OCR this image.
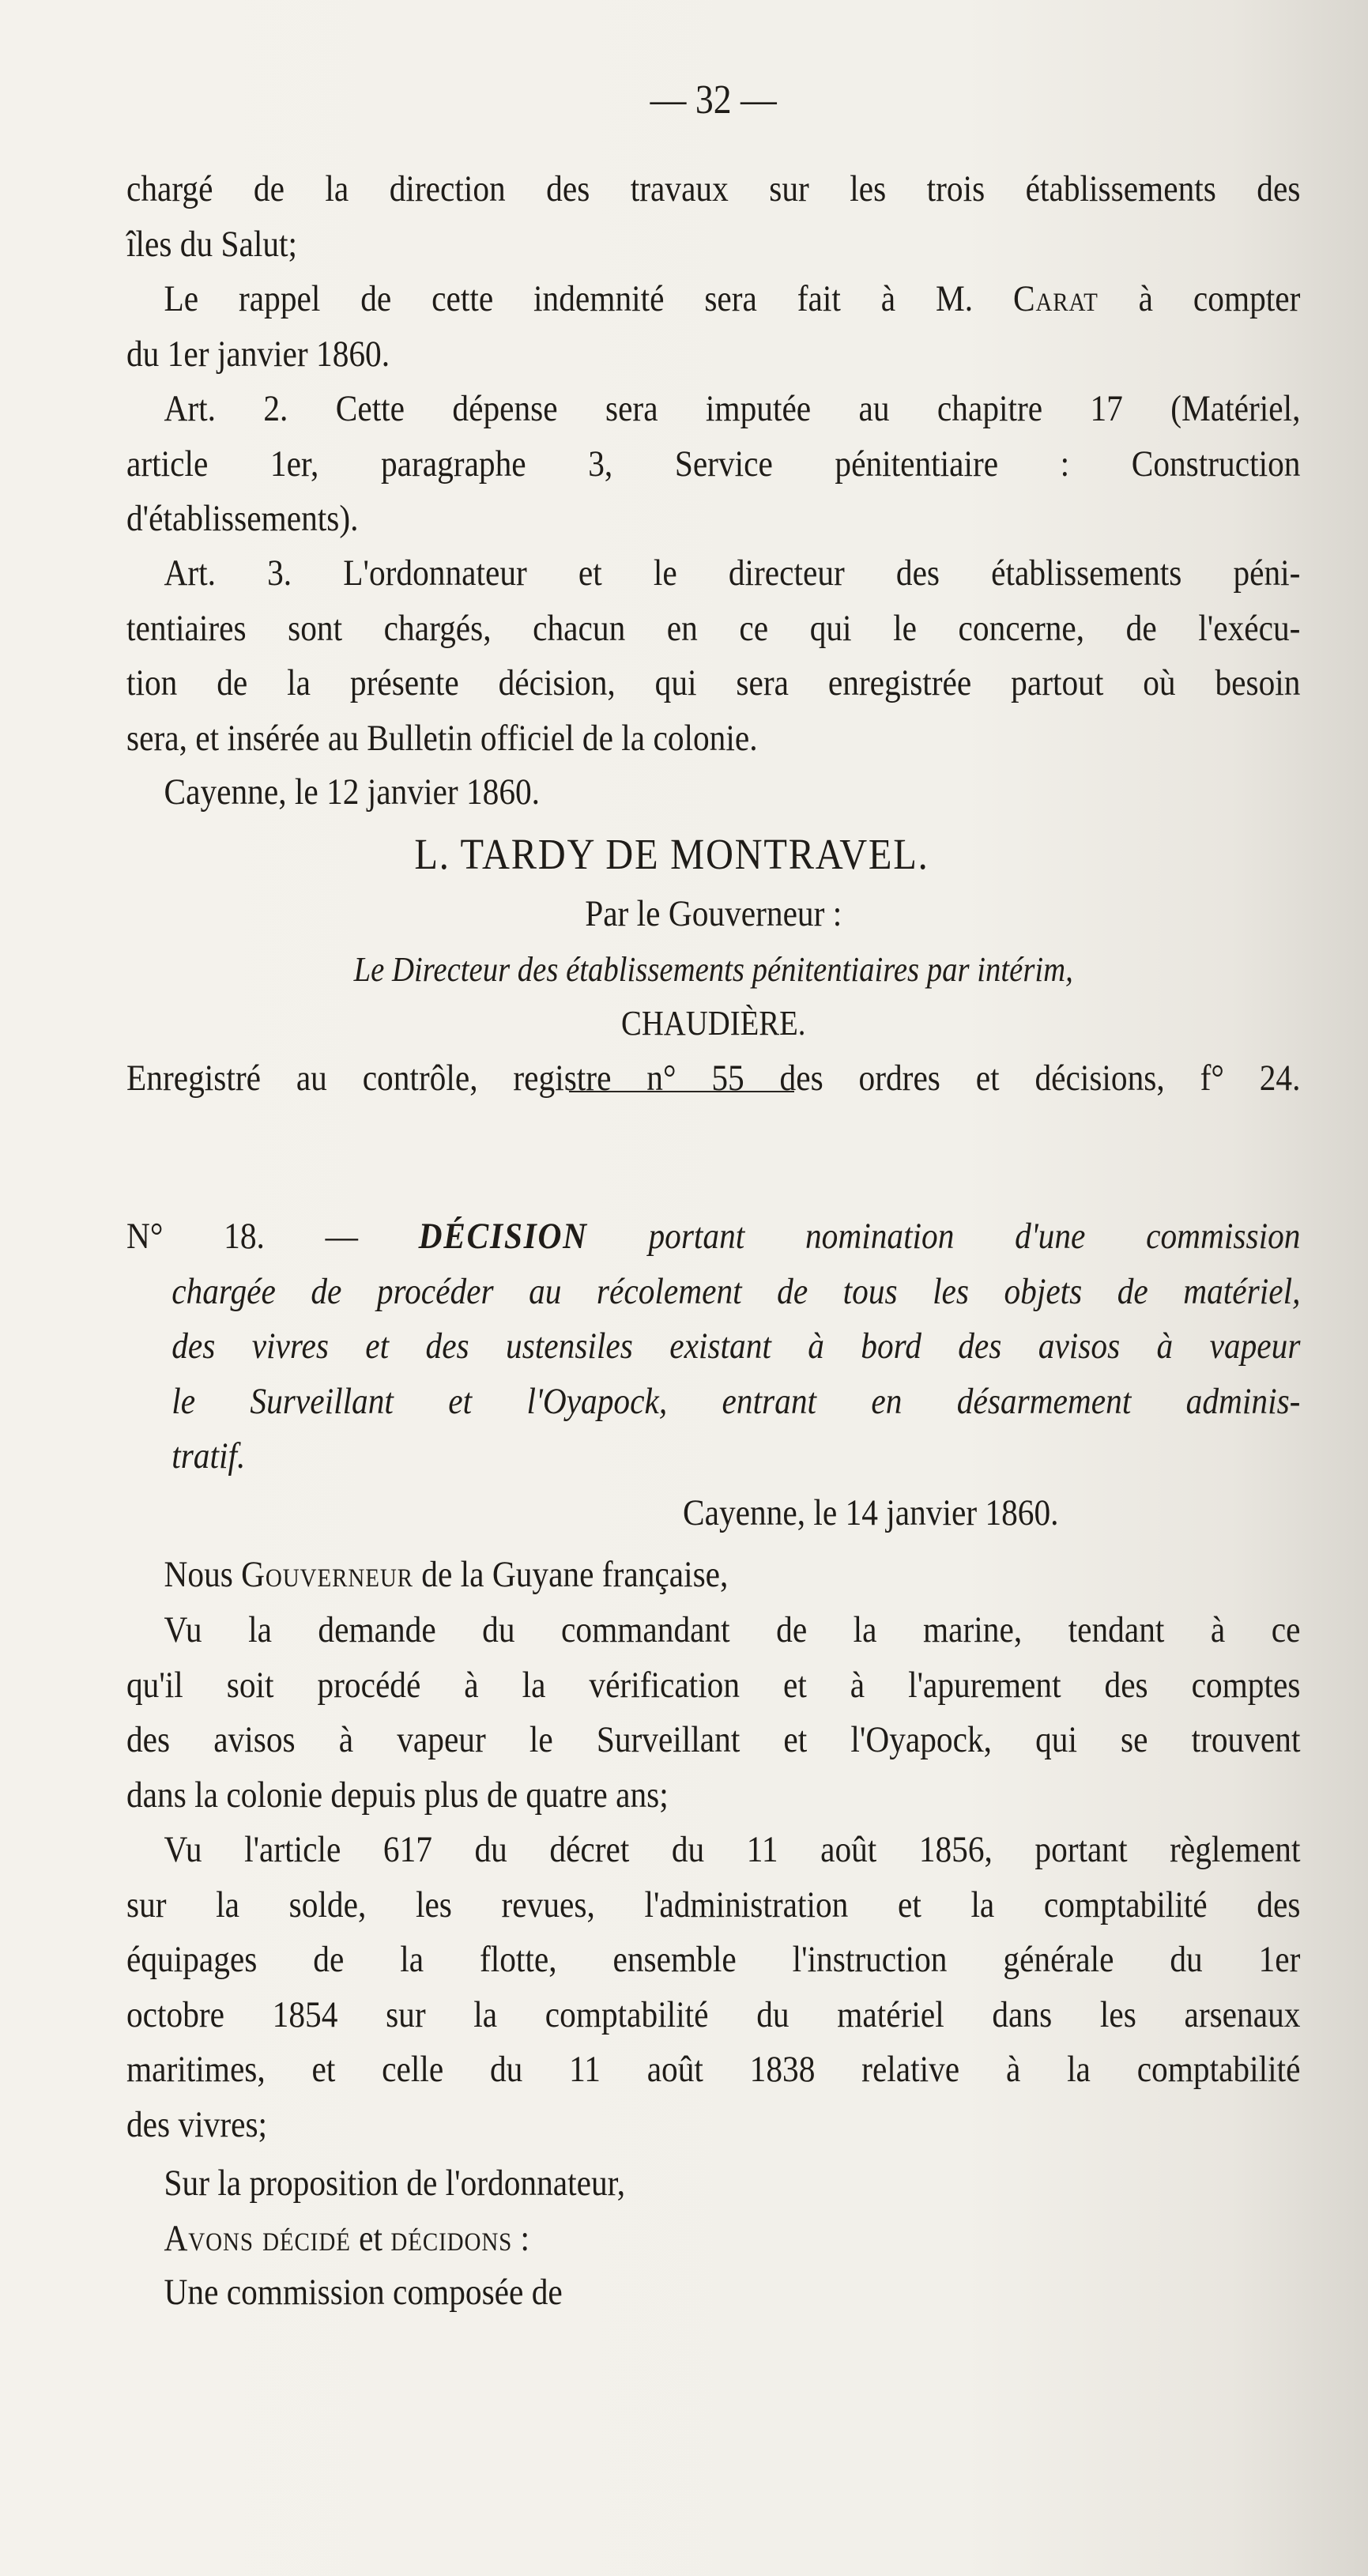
— 32 —

chargé de la direction des travaux sur les trois établissements des

îles du Salut;

Le rappel de cette indemnité sera fait à M. Carat à compter

du 1er janvier 1860.

Art. 2. Cette dépense sera imputée au chapitre 17 (Matériel,

article 1er, paragraphe 3, Service pénitentiaire : Construction

d'établissements).

Art. 3. L'ordonnateur et le directeur des établissements péni-

tentiaires sont chargés, chacun en ce qui le concerne, de l'exécu-

tion de la présente décision, qui sera enregistrée partout où besoin

sera, et insérée au Bulletin officiel de la colonie.

Cayenne, le 12 janvier 1860.
L. TARDY DE MONTRAVEL.
Par le Gouverneur :
Le Directeur des établissements pénitentiaires par intérim,
CHAUDIÈRE.

Enregistré au contrôle, registre n° 55 des ordres et décisions, f° 24.

N° 18. — DÉCISION portant nomination d'une commission

chargée de procéder au récolement de tous les objets de matériel,

des vivres et des ustensiles existant à bord des avisos à vapeur

le Surveillant et l'Oyapock, entrant en désarmement adminis-

tratif.

Cayenne, le 14 janvier 1860.

Nous Gouverneur de la Guyane française,

Vu la demande du commandant de la marine, tendant à ce

qu'il soit procédé à la vérification et à l'apurement des comptes

des avisos à vapeur le Surveillant et l'Oyapock, qui se trouvent

dans la colonie depuis plus de quatre ans;

Vu l'article 617 du décret du 11 août 1856, portant règlement

sur la solde, les revues, l'administration et la comptabilité des

équipages de la flotte, ensemble l'instruction générale du 1er

octobre 1854 sur la comptabilité du matériel dans les arsenaux

maritimes, et celle du 11 août 1838 relative à la comptabilité

des vivres;

Sur la proposition de l'ordonnateur,

Avons décidé et décidons :

Une commission composée de
